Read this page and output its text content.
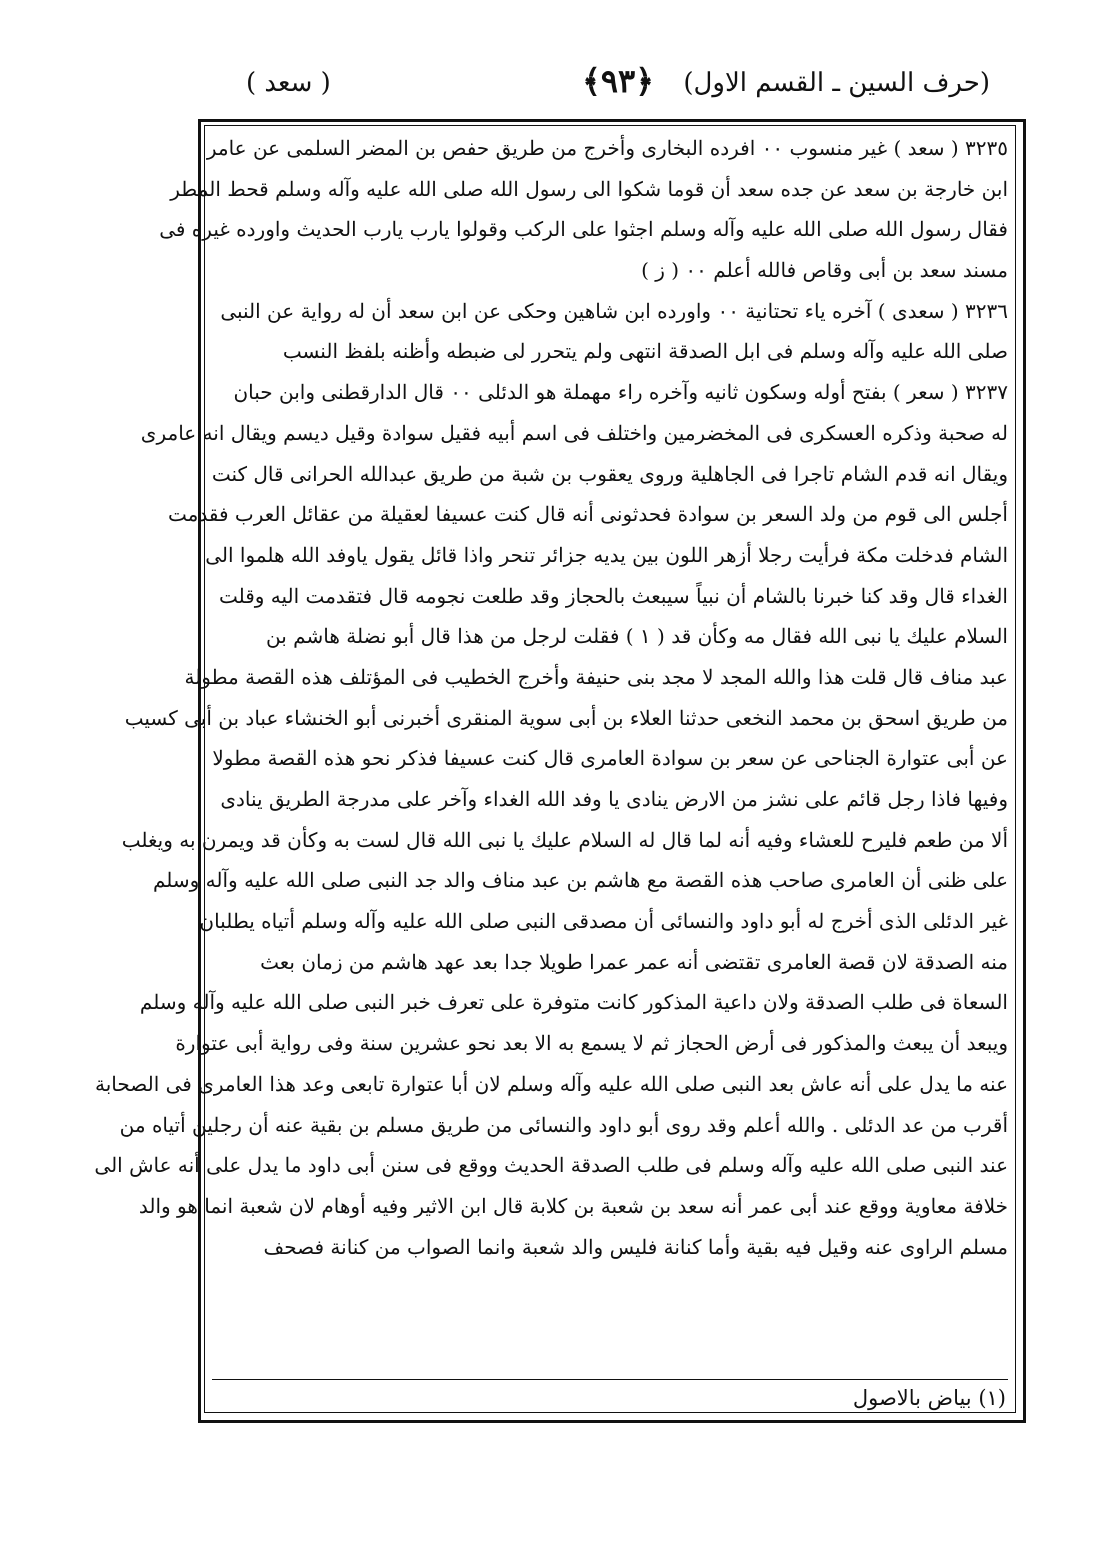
(حرف السين ـ القسم الاول)
﴿٩٣﴾
( سعد )
٣٢٣٥ ( سعد ) غير منسوب ٠٠ افرده البخارى وأخرج من طريق حفص بن المضر السلمى عن عامر
ابن خارجة بن سعد عن جده سعد أن قوما شكوا الى رسول الله صلى الله عليه وآله وسلم قحط المطر
فقال رسول الله صلى الله عليه وآله وسلم اجثوا على الركب وقولوا يارب يارب الحديث واورده غيره فى
مسند سعد بن أبى وقاص فالله أعلم ٠٠ ( ز )
٣٢٣٦ ( سعدى ) آخره ياء تحتانية ٠٠ واورده ابن شاهين وحكى عن ابن سعد أن له رواية عن النبى
صلى الله عليه وآله وسلم فى ابل الصدقة انتهى ولم يتحرر لى ضبطه وأظنه بلفظ النسب
٣٢٣٧ ( سعر ) بفتح أوله وسكون ثانيه وآخره راء مهملة هو الدئلى ٠٠ قال الدارقطنى وابن حبان
له صحبة وذكره العسكرى فى المخضرمين واختلف فى اسم أبيه فقيل سوادة وقيل ديسم ويقال انه عامرى
ويقال انه قدم الشام تاجرا فى الجاهلية وروى يعقوب بن شبة من طريق عبدالله الحرانى قال كنت
أجلس الى قوم من ولد السعر بن سوادة فحدثونى أنه قال كنت عسيفا لعقيلة من عقائل العرب فقدمت
الشام فدخلت مكة فرأيت رجلا أزهر اللون بين يديه جزائر تنحر واذا قائل يقول ياوفد الله هلموا الى
الغداء قال وقد كنا خبرنا بالشام أن نبياً سيبعث بالحجاز وقد طلعت نجومه قال فتقدمت اليه وقلت
السلام عليك يا نبى الله فقال مه وكأن قد ( ١ ) فقلت لرجل من هذا قال أبو نضلة هاشم بن
عبد مناف قال قلت هذا والله المجد لا مجد بنى حنيفة وأخرج الخطيب فى المؤتلف هذه القصة مطولة
من طريق اسحق بن محمد النخعى حدثنا العلاء بن أبى سوية المنقرى أخبرنى أبو الخنشاء عباد بن أبى كسيب
عن أبى عتوارة الجناحى عن سعر بن سوادة العامرى قال كنت عسيفا فذكر نحو هذه القصة مطولا
وفيها فاذا رجل قائم على نشز من الارض ينادى يا وفد الله الغداء وآخر على مدرجة الطريق ينادى
ألا من طعم فليرح للعشاء وفيه أنه لما قال له السلام عليك يا نبى الله قال لست به وكأن قد ويمرن به ويغلب
على ظنى أن العامرى صاحب هذه القصة مع هاشم بن عبد مناف والد جد النبى صلى الله عليه وآله وسلم
غير الدئلى الذى أخرج له أبو داود والنسائى أن مصدقى النبى صلى الله عليه وآله وسلم أتياه يطلبان
منه الصدقة لان قصة العامرى تقتضى أنه عمر عمرا طويلا جدا بعد عهد هاشم من زمان بعث
السعاة فى طلب الصدقة ولان داعية المذكور كانت متوفرة على تعرف خبر النبى صلى الله عليه وآله وسلم
ويبعد أن يبعث والمذكور فى أرض الحجاز ثم لا يسمع به الا بعد نحو عشرين سنة وفى رواية أبى عتوارة
عنه ما يدل على أنه عاش بعد النبى صلى الله عليه وآله وسلم لان أبا عتوارة تابعى وعد هذا العامرى فى الصحابة
أقرب من عد الدئلى . والله أعلم وقد روى أبو داود والنسائى من طريق مسلم بن بقية عنه أن رجلين أتياه من
عند النبى صلى الله عليه وآله وسلم فى طلب الصدقة الحديث ووقع فى سنن أبى داود ما يدل على أنه عاش الى
خلافة معاوية ووقع عند أبى عمر أنه سعد بن شعبة بن كلابة قال ابن الاثير وفيه أوهام لان شعبة انما هو والد
مسلم الراوى عنه وقيل فيه بقية وأما كنانة فليس والد شعبة وانما الصواب من كنانة فصحف
(١) بياض بالاصول
